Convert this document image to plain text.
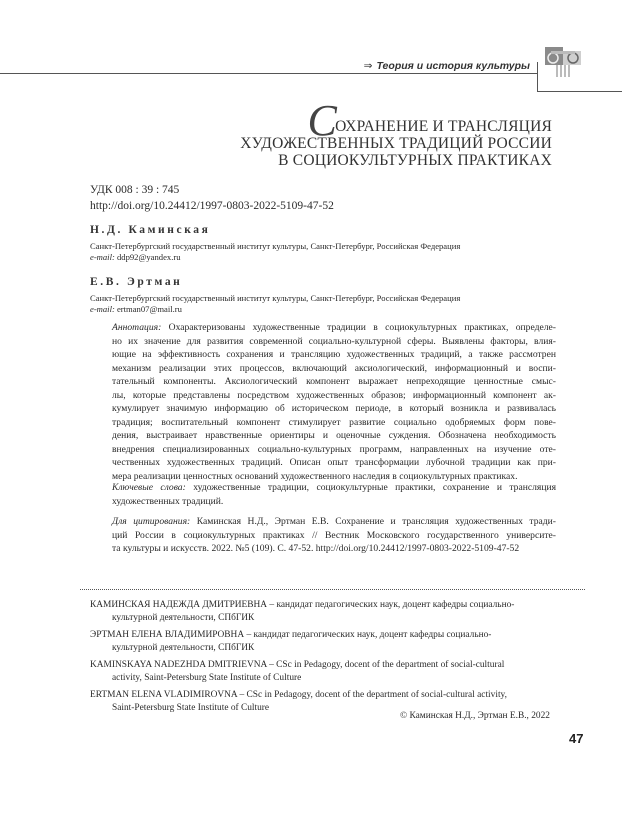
⇒ Теория и история культуры
СОХРАНЕНИЕ И ТРАНСЛЯЦИЯ
ХУДОЖЕСТВЕННЫХ ТРАДИЦИЙ РОССИИ
В СОЦИОКУЛЬТУРНЫХ ПРАКТИКАХ
УДК 008 : 39 : 745
http://doi.org/10.24412/1997-0803-2022-5109-47-52
Н.Д. Каминская
Санкт-Петербургский государственный институт культуры, Санкт-Петербург, Российская Федерация
e-mail: ddp92@yandex.ru
Е.В. Эртман
Санкт-Петербургский государственный институт культуры, Санкт-Петербург, Российская Федерация
e-mail: ertman07@mail.ru
Аннотация: Охарактеризованы художественные традиции в социокультурных практиках, определе-
но их значение для развития современной социально-культурной сферы. Выявлены факторы, влия-
ющие на эффективность сохранения и трансляцию художественных традиций, а также рассмотрен
механизм реализации этих процессов, включающий аксиологический, информационный и воспи-
тательный компоненты. Аксиологический компонент выражает непреходящие ценностные смыс-
лы, которые представлены посредством художественных образов; информационный компонент ак-
кумулирует значимую информацию об историческом периоде, в который возникла и развивалась
традиция; воспитательный компонент стимулирует развитие социально одобряемых форм пове-
дения, выстраивает нравственные ориентиры и оценочные суждения. Обозначена необходимость
внедрения специализированных социально-культурных программ, направленных на изучение оте-
чественных художественных традиций. Описан опыт трансформации лубочной традиции как при-
мера реализации ценностных оснований художественного наследия в социокультурных практиках.
Ключевые слова: художественные традиции, социокультурные практики, сохранение и трансляция
художественных традиций.
Для цитирования: Каминская Н.Д., Эртман Е.В. Сохранение и трансляция художественных тради-
ций России в социокультурных практиках // Вестник Московского государственного университе-
та культуры и искусств. 2022. №5 (109). С. 47-52. http://doi.org/10.24412/1997-0803-2022-5109-47-52
КАМИНСКАЯ НАДЕЖДА ДМИТРИЕВНА – кандидат педагогических наук, доцент кафедры социально-
культурной деятельности, СПбГИК
ЭРТМАН ЕЛЕНА ВЛАДИМИРОВНА – кандидат педагогических наук, доцент кафедры социально-
культурной деятельности, СПбГИК
KAMINSKAYA NADEZHDA DMITRIEVNA – CSc in Pedagogy, docent of the department of social-cultural
activity, Saint-Petersburg State Institute of Culture
ERTMAN ELENA VLADIMIROVNA – CSc in Pedagogy, docent of the department of social-cultural activity,
Saint-Petersburg State Institute of Culture
© Каминская Н.Д., Эртман Е.В., 2022
47
